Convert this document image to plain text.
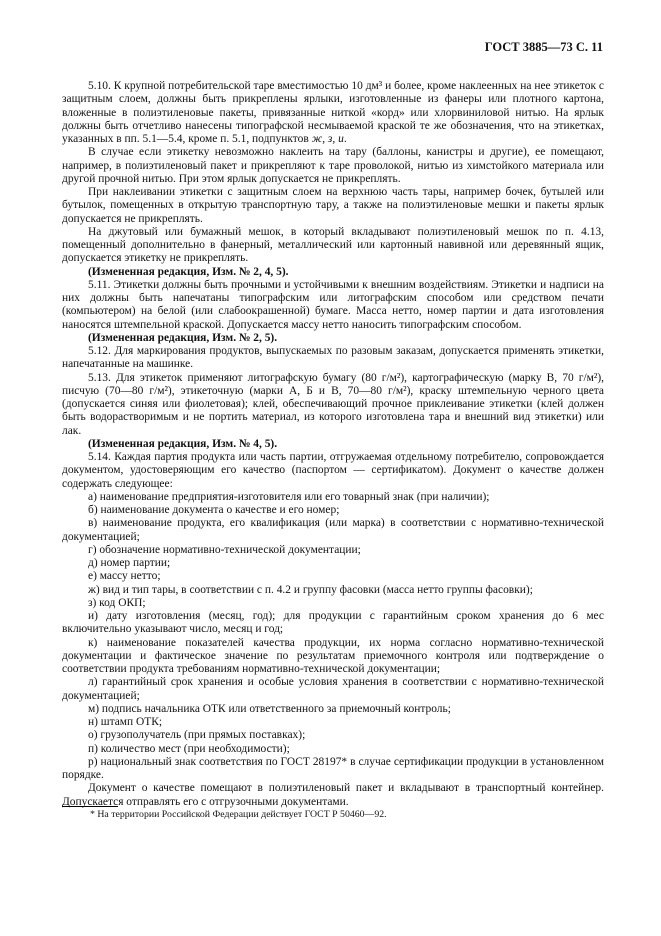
ГОСТ 3885—73 С. 11

5.10. К крупной потребительской таре вместимостью 10 дм³ и более, кроме наклеенных на нее этикеток с защитным слоем, должны быть прикреплены ярлыки, изготовленные из фанеры или плотного картона, вложенные в полиэтиленовые пакеты, привязанные ниткой «корд» или хлорвиниловой нитью. На ярлык должны быть отчетливо нанесены типографской несмываемой краской те же обозначения, что на этикетках, указанных в пп. 5.1—5.4, кроме п. 5.1, подпунктов ж, з, и.

В случае если этикетку невозможно наклеить на тару (баллоны, канистры и другие), ее помещают, например, в полиэтиленовый пакет и прикрепляют к таре проволокой, нитью из химстойкого материала или другой прочной нитью. При этом ярлык допускается не прикреплять.

При наклеивании этикетки с защитным слоем на верхнюю часть тары, например бочек, бутылей или бутылок, помещенных в открытую транспортную тару, а также на полиэтиленовые мешки и пакеты ярлык допускается не прикреплять.

На джутовый или бумажный мешок, в который вкладывают полиэтиленовый мешок по п. 4.13, помещенный дополнительно в фанерный, металлический или картонный навивной или деревянный ящик, допускается этикетку не прикреплять.

(Измененная редакция, Изм. № 2, 4, 5).

5.11. Этикетки должны быть прочными и устойчивыми к внешним воздействиям. Этикетки и надписи на них должны быть напечатаны типографским или литографским способом или средством печати (компьютером) на белой (или слабоокрашенной) бумаге. Масса нетто, номер партии и дата изготовления наносятся штемпельной краской. Допускается массу нетто наносить типографским способом.

(Измененная редакция, Изм. № 2, 5).

5.12. Для маркирования продуктов, выпускаемых по разовым заказам, допускается применять этикетки, напечатанные на машинке.

5.13. Для этикеток применяют литографскую бумагу (80 г/м²), картографическую (марку В, 70 г/м²), писчую (70—80 г/м²), этикеточную (марки А, Б и В, 70—80 г/м²), краску штемпельную черного цвета (допускается синяя или фиолетовая); клей, обеспечивающий прочное приклеивание этикетки (клей должен быть водорастворимым и не портить материал, из которого изготовлена тара и внешний вид этикетки) или лак.

(Измененная редакция, Изм. № 4, 5).

5.14. Каждая партия продукта или часть партии, отгружаемая отдельному потребителю, сопровождается документом, удостоверяющим его качество (паспортом — сертификатом). Документ о качестве должен содержать следующее:

а) наименование предприятия-изготовителя или его товарный знак (при наличии);

б) наименование документа о качестве и его номер;

в) наименование продукта, его квалификация (или марка) в соответствии с нормативно-технической документацией;

г) обозначение нормативно-технической документации;

д) номер партии;

е) массу нетто;

ж) вид и тип тары, в соответствии с п. 4.2 и группу фасовки (масса нетто группы фасовки);

з) код ОКП;

и) дату изготовления (месяц, год); для продукции с гарантийным сроком хранения до 6 мес включительно указывают число, месяц и год;

к) наименование показателей качества продукции, их норма согласно нормативно-технической документации и фактическое значение по результатам приемочного контроля или подтверждение о соответствии продукта требованиям нормативно-технической документации;

л) гарантийный срок хранения и особые условия хранения в соответствии с нормативно-технической документацией;

м) подпись начальника ОТК или ответственного за приемочный контроль;

н) штамп ОТК;

о) грузополучатель (при прямых поставках);

п) количество мест (при необходимости);

р) национальный знак соответствия по ГОСТ 28197* в случае сертификации продукции в установленном порядке.

Документ о качестве помещают в полиэтиленовый пакет и вкладывают в транспортный контейнер. Допускается отправлять его с отгрузочными документами.

* На территории Российской Федерации действует ГОСТ Р 50460—92.
